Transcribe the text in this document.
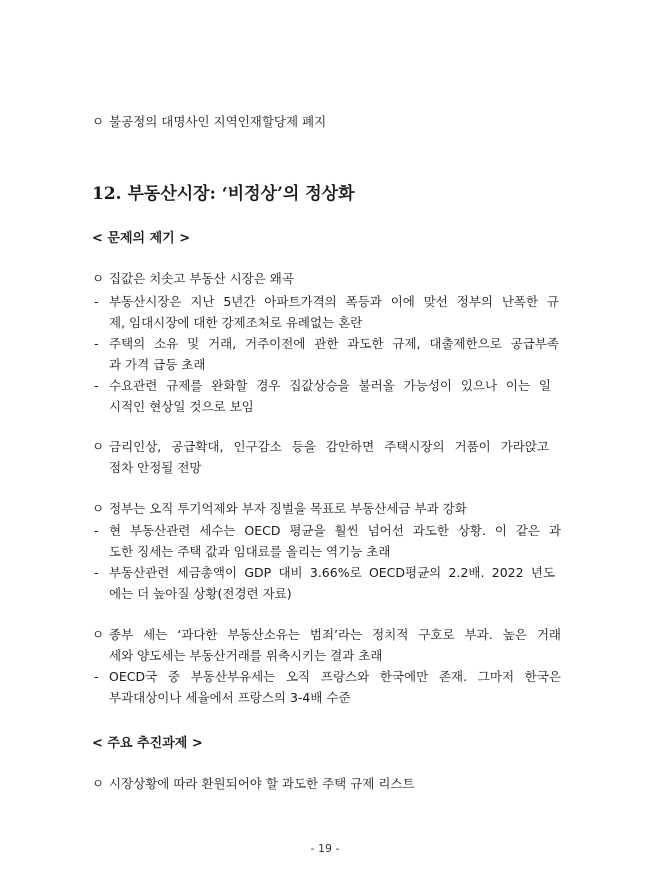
ㅇ 불공정의 대명사인 지역인재할당제 폐지
12. 부동산시장: ‘비정상’의 정상화
< 문제의 제기 >
ㅇ 집값은 치솟고 부동산 시장은 왜곡
- 부동산시장은 지난 5년간 아파트가격의 폭등과 이에 맞선 정부의 난폭한 규
제, 임대시장에 대한 강제조처로 유례없는 혼란
- 주택의 소유 및 거래, 거주이전에 관한 과도한 규제, 대출제한으로 공급부족
과 가격 급등 초래
- 수요관련 규제를 완화할 경우 집값상승을 불러올 가능성이 있으나 이는 일
시적인 현상일 것으로 보임
ㅇ 금리인상, 공급확대, 인구감소 등을 감안하면 주택시장의 거품이 가라앉고
점차 안정될 전망
ㅇ 정부는 오직 투기억제와 부자 징벌을 목표로 부동산세금 부과 강화
- 현 부동산관련 세수는 OECD 평균을 훨씬 넘어선 과도한 상황. 이 같은 과
도한 징세는 주택 값과 임대료를 올리는 역기능 초래
- 부동산관련 세금총액이 GDP 대비 3.66%로 OECD평균의 2.2배. 2022 년도
에는 더 높아질 상황(전경련 자료)
ㅇ 종부 세는 ‘과다한 부동산소유는 범죄’라는 정치적 구호로 부과. 높은 거래
세와 양도세는 부동산거래를 위축시키는 결과 초래
- OECD국 중 부동산부유세는 오직 프랑스와 한국에만 존재. 그마저 한국은
부과대상이나 세율에서 프랑스의 3-4배 수준
< 주요 추진과제 >
ㅇ 시장상황에 따라 환원되어야 할 과도한 주택 규제 리스트
- 19 -
